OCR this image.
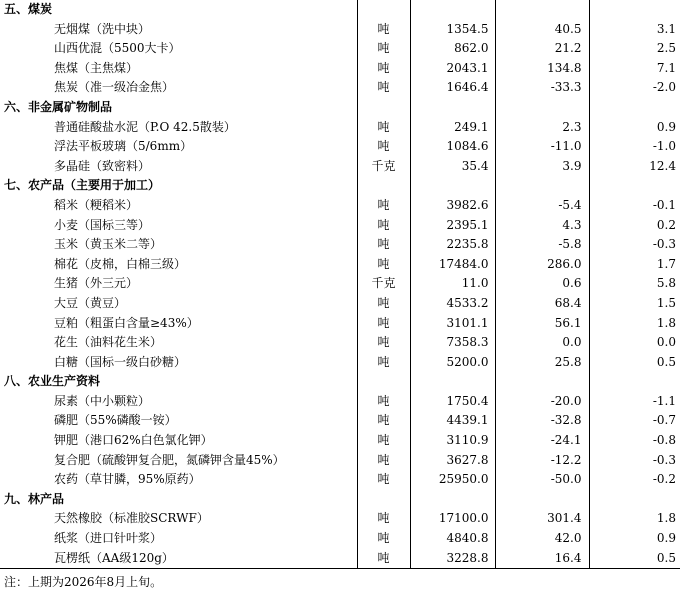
五、煤炭				
无烟煤（洗中块）	吨	1354.5	40.5	3.1
山西优混（5500大卡）	吨	862.0	21.2	2.5
焦煤（主焦煤）	吨	2043.1	134.8	7.1
焦炭（准一级冶金焦）	吨	1646.4	-33.3	-2.0
六、非金属矿物制品				
普通硅酸盐水泥（P.O 42.5散装）	吨	249.1	2.3	0.9
浮法平板玻璃（5/6mm）	吨	1084.6	-11.0	-1.0
多晶硅（致密料）	千克	35.4	3.9	12.4
七、农产品（主要用于加工）				
稻米（粳稻米）	吨	3982.6	-5.4	-0.1
小麦（国标三等）	吨	2395.1	4.3	0.2
玉米（黄玉米二等）	吨	2235.8	-5.8	-0.3
棉花（皮棉，白棉三级）	吨	17484.0	286.0	1.7
生猪（外三元）	千克	11.0	0.6	5.8
大豆（黄豆）	吨	4533.2	68.4	1.5
豆粕（粗蛋白含量≥43%）	吨	3101.1	56.1	1.8
花生（油料花生米）	吨	7358.3	0.0	0.0
白糖（国标一级白砂糖）	吨	5200.0	25.8	0.5
八、农业生产资料				
尿素（中小颗粒）	吨	1750.4	-20.0	-1.1
磷肥（55%磷酸一铵）	吨	4439.1	-32.8	-0.7
钾肥（港口62%白色氯化钾）	吨	3110.9	-24.1	-0.8
复合肥（硫酸钾复合肥，氮磷钾含量45%）	吨	3627.8	-12.2	-0.3
农药（草甘膦，95%原药）	吨	25950.0	-50.0	-0.2
九、林产品				
天然橡胶（标准胶SCRWF）	吨	17100.0	301.4	1.8
纸浆（进口针叶浆）	吨	4840.8	42.0	0.9
瓦楞纸（AA级120g）	吨	3228.8	16.4	0.5
注：上期为2026年8月上旬。
